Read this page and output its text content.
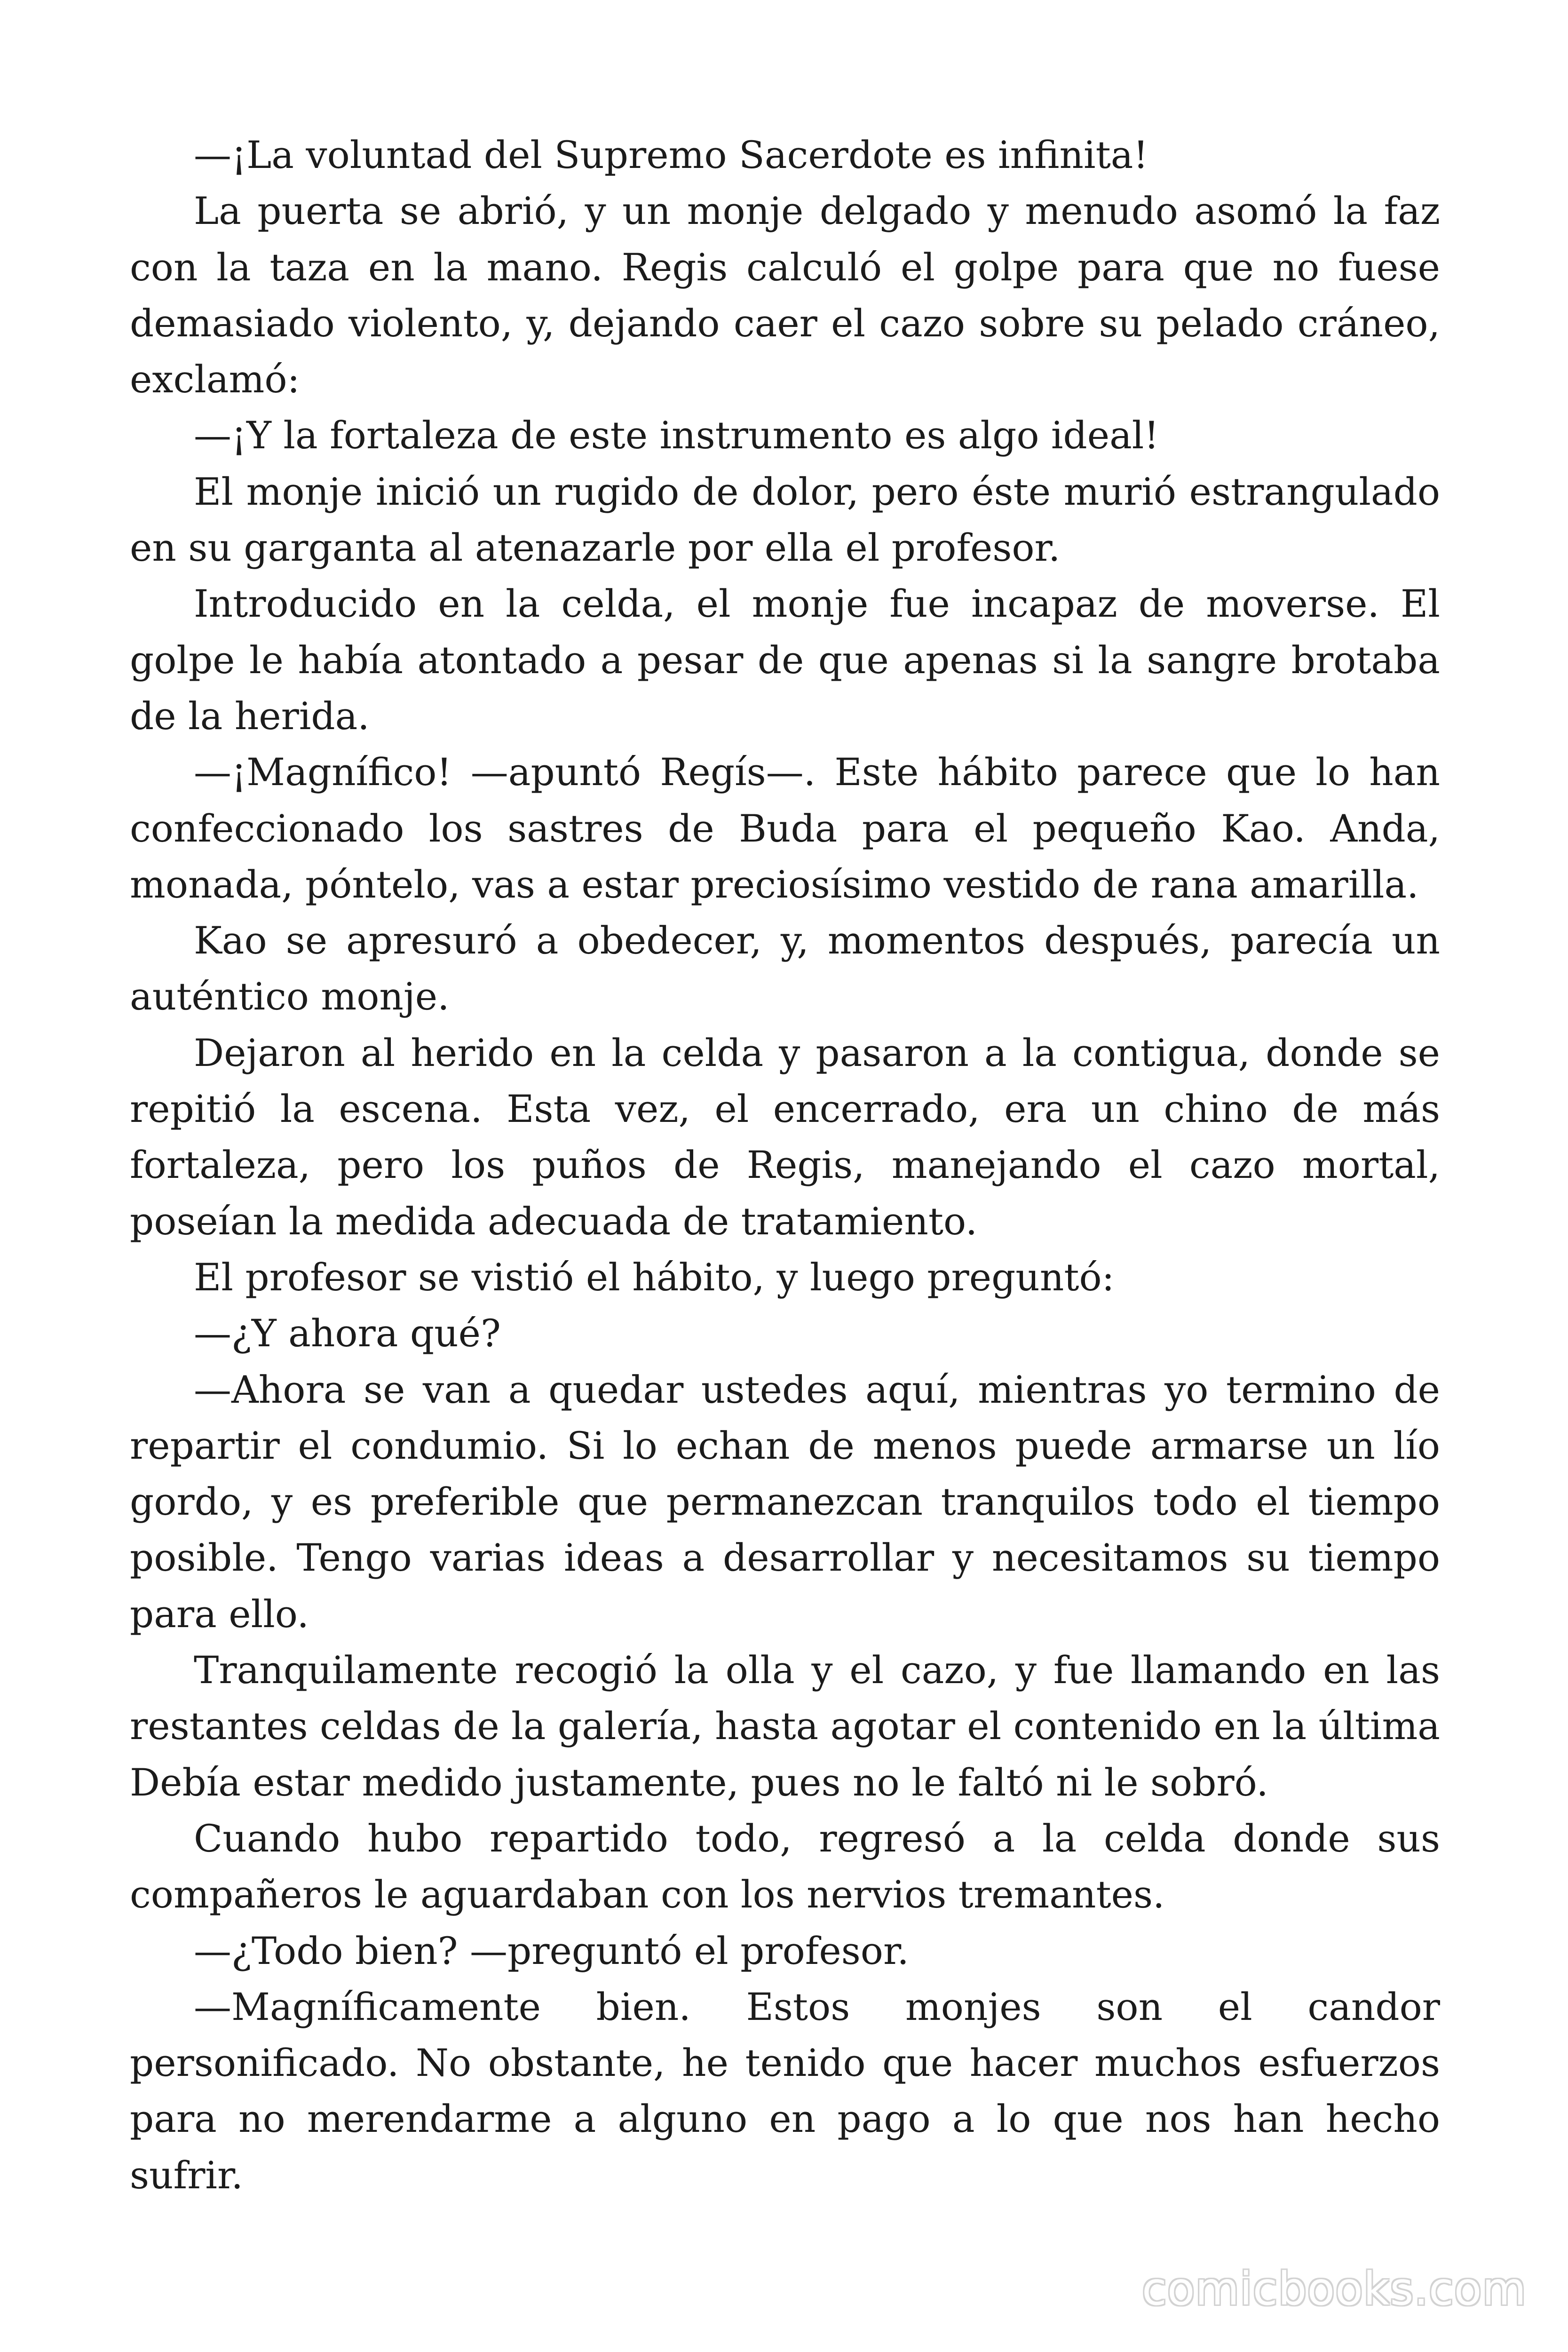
—¡La voluntad del Supremo Sacerdote es infinita!

La puerta se abrió, y un monje delgado y menudo asomó la faz con la taza en la mano. Regis calculó el golpe para que no fuese demasiado violento, y, dejando caer el cazo sobre su pelado cráneo, exclamó:

—¡Y la fortaleza de este instrumento es algo ideal!

El monje inició un rugido de dolor, pero éste murió estrangulado en su garganta al atenazarle por ella el profesor.

Introducido en la celda, el monje fue incapaz de moverse. El golpe le había atontado a pesar de que apenas si la sangre brotaba de la herida.

—¡Magnífico! —apuntó Regís—. Este hábito parece que lo han confeccionado los sastres de Buda para el pequeño Kao. Anda, monada, póntelo, vas a estar preciosísimo vestido de rana amarilla.

Kao se apresuró a obedecer, y, momentos después, parecía un auténtico monje.

Dejaron al herido en la celda y pasaron a la contigua, donde se repitió la escena. Esta vez, el encerrado, era un chino de más fortaleza, pero los puños de Regis, manejando el cazo mortal, poseían la medida adecuada de tratamiento.

El profesor se vistió el hábito, y luego preguntó:

—¿Y ahora qué?

—Ahora se van a quedar ustedes aquí, mientras yo termino de repartir el condumio. Si lo echan de menos puede armarse un lío gordo, y es preferible que permanezcan tranquilos todo el tiempo posible. Tengo varias ideas a desarrollar y necesitamos su tiempo para ello.

Tranquilamente recogió la olla y el cazo, y fue llamando en las restantes celdas de la galería, hasta agotar el contenido en la última Debía estar medido justamente, pues no le faltó ni le sobró.

Cuando hubo repartido todo, regresó a la celda donde sus compañeros le aguardaban con los nervios tremantes.

—¿Todo bien? —preguntó el profesor.

—Magníficamente bien. Estos monjes son el candor personificado. No obstante, he tenido que hacer muchos esfuerzos para no merendarme a alguno en pago a lo que nos han hecho sufrir.

comicbooks.com
